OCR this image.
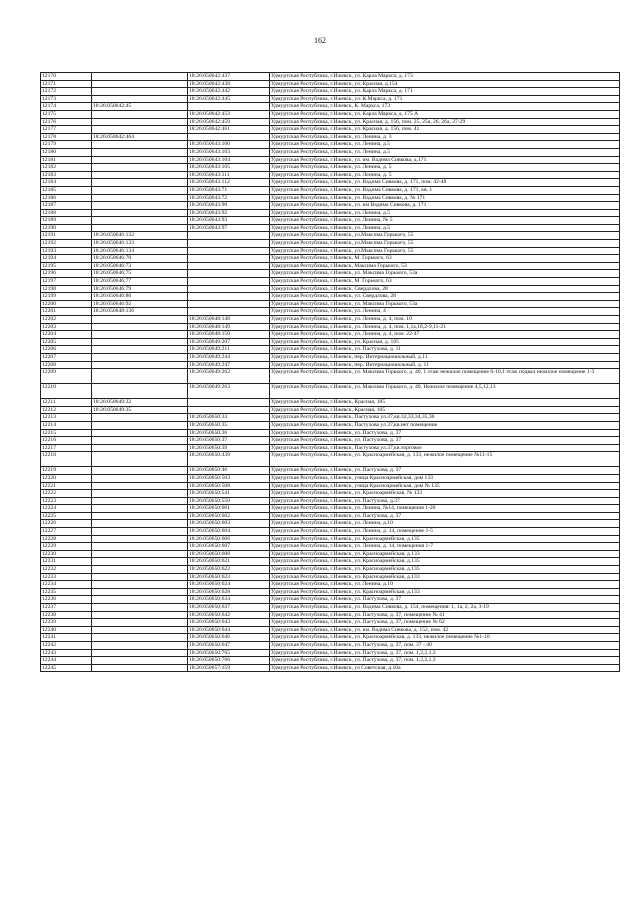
162
12170		18:26:050642:437	Удмуртская Республика, г.Ижевск, ул. Карла Маркса, д. 173
12171		18:26:050642:438	Удмуртская Республика, г.Ижевск, ул. Красная, д.154
12172		18:26:050642:442	Удмуртская Республика, г.Ижевск, ул. Карла Маркса, д. 171
12173		18:26:050642:445	Удмуртская Республика, г.Ижевск, ул. К.Маркса, д. 171
12174	18:26:050642:45		Удмуртская Республика, г.Ижевск, К. Маркса, 173
12175		18:26:050642:453	Удмуртская Республика, г.Ижевск, ул. Карла Маркса, д. 175 А
12176		18:26:050642:459	Удмуртская Республика, г.Ижевск, ул. Красная, д. 156, пом. 25, 25а, 26, 26а, 27-29
12177		18:26:050642:461	Удмуртская Республика, г.Ижевск, ул. Красная, д. 156, пом. 41
12178	18:26:050642:464		Удмуртская Республика, г.Ижевск, ул. Ленина, д. 3
12179		18:26:050643:100	Удмуртская Республика, г.Ижевск, ул. Ленина, д.5
12180		18:26:050643:103	Удмуртская Республика, г.Ижевск, ул. Ленина, д.5
12181		18:26:050643:104	Удмуртская Республика, г.Ижевск, ул. им. Вадима Сивкова, д.171
12182		18:26:050643:105	Удмуртская Республика, г.Ижевск, ул. Ленина, д. 5
12183		18:26:050643:111	Удмуртская Республика, г.Ижевск, ул. Ленина, д. 5
12184		18:26:050643:112	Удмуртская Республика, г.Ижевск, ул. Вадима Сивкова, д. 171, пом. 42-48
12185		18:26:050643:71	Удмуртская Республика, г.Ижевск, ул. Вадима Сивкова, д. 171, кв. 1
12186		18:26:050643:72	Удмуртская Республика, г.Ижевск, ул. Вадима Сивкова, д. № 171
12187		18:26:050643:90	Удмуртская Республика, г.Ижевск, ул. им Вадима Сивкова, д. 171
12188		18:26:050643:92	Удмуртская Республика, г.Ижевск, ул. Ленина, д.5
12189		18:26:050643:93	Удмуртская Республика, г.Ижевск, ул. Ленина, № 5
12190		18:26:050643:97	Удмуртская Республика, г.Ижевск, ул. Ленина, д.5
12191	18:26:050646:132		Удмуртская Республика, г.Ижевск, ул.Максима Горького, 55
12192	18:26:050646:133		Удмуртская Республика, г.Ижевск, ул.Максима Горького, 55
12193	18:26:050646:134		Удмуртская Республика, г.Ижевск, ул.Максима Горького, 55
12194	18:26:050646:70		Удмуртская Республика, г.Ижевск, М. Горького, 63
12195	18:26:050646:73		Удмуртская Республика, г.Ижевск, Максима Горького, 53
12196	18:26:050646:75		Удмуртская Республика, г.Ижевск, ул. Максима Горького, 53а
12197	18:26:050646:77		Удмуртская Республика, г.Ижевск, М. Горького, 63
12198	18:26:050646:79		Удмуртская Республика, г.Ижевск, Свердлова, 28
12199	18:26:050646:80		Удмуртская Республика, г.Ижевск, ул. Свердлова, 28
12200	18:26:050646:92		Удмуртская Республика, г.Ижевск, ул. Максима Горького, 53а
12201	18:26:050648:136		Удмуртская Республика, г.Ижевск, ул. Ленина, 4
12202		18:26:050648:148	Удмуртская Республика, г.Ижевск, ул. Ленина, д. 4, пом. 10
12203		18:26:050648:149	Удмуртская Республика, г.Ижевск, ул. Ленина, д. 4, пом. 1,1а,1б,2-9,11-21
12204		18:26:050648:150	Удмуртская Республика, г.Ижевск, ул. Ленина, д. 4, пом. 22-47
12205		18:26:050649:207	Удмуртская Республика, г.Ижевск, ул. Красная, д. 105
12206		18:26:050649:211	Удмуртская Республика, г.Ижевск, ул. Пастухова, д. 11
12207		18:26:050649:244	Удмуртская Республика, г.Ижевск, пер. Интернациональный, д.11
12208		18:26:050649:247	Удмуртская Республика, г.Ижевск, пер. Интернациональный, д. 11
12209		18:26:050649:262	Удмуртская Республика, г.Ижевск, ул. Максима Горького, д. 40, 1 этаж нежилое помещение 6-10,1 этаж подвал нежилое помещение 1-3
12210		18:26:050649:263	Удмуртская Республика, г.Ижевск, ул. Максима Горького, д. 40, Нежилое помещение 4,5,12,13
12211	18:26:050649:32		Удмуртская Республика, г.Ижевск, Красная, 105
12212	18:26:050649:35		Удмуртская Республика, г.Ижевск, Красная, 105
12213		18:26:050650:33	Удмуртская Республика, г.Ижевск, Пастухова ул.37,кв.32,33,34,35,36
12214		18:26:050650:35	Удмуртская Республика, г.Ижевск, Пастухова ул.37,кв.нет помещение
12215		18:26:050650:36	Удмуртская Республика, г.Ижевск, ул. Пастухова, д. 37
12216		18:26:050650:37	Удмуртская Республика, г.Ижевск, ул. Пастухова, д. 37
12217		18:26:050650:39	Удмуртская Республика, г.Ижевск, Пастухова ул.37,кв.торговое
12218		18:26:050650:439	Удмуртская Республика, г.Ижевск, ул. Красноармейская, д. 133, нежилое помещение №11-15
12219		18:26:050650:46	Удмуртская Республика, г.Ижевск, ул. Пастухова, д. 37
12220		18:26:050650:503	Удмуртская Республика, г.Ижевск, улица Красноармейская, дом 133
12221		18:26:050650:508	Удмуртская Республика, г.Ижевск, улица Красноармейская, дом № 135
12222		18:26:050650:541	Удмуртская Республика, г.Ижевск, ул. Красноармейская, № 133
12223		18:26:050650:550	Удмуртская Республика, г.Ижевск, ул. Пастухова, д.37
12224		18:26:050650:601	Удмуртская Республика, г.Ижевск, ул. Ленина, №14, помещения 1-20
12225		18:26:050650:602	Удмуртская Республика, г.Ижевск, ул. Пастухова, д. 37
12226		18:26:050650:603	Удмуртская Республика, г.Ижевск, ул. Ленина, д.10
12227		18:26:050650:604	Удмуртская Республика, г.Ижевск, ул. Ленина, д. 14, помещение 1-5
12228		18:26:050650:606	Удмуртская Республика, г.Ижевск, ул. Красноармейская, д.135
12229		18:26:050650:607	Удмуртская Республика, г.Ижевск, ул. Ленина, д. 14, помещения 1-7
12230		18:26:050650:608	Удмуртская Республика, г.Ижевск, ул. Красноармейская, д.133
12231		18:26:050650:621	Удмуртская Республика, г.Ижевск, ул. Красноармейская, д.135
12232		18:26:050650:622	Удмуртская Республика, г.Ижевск, ул. Красноармейская, д.135
12233		18:26:050650:623	Удмуртская Республика, г.Ижевск, ул. Красноармейская, д.133
12234		18:26:050650:624	Удмуртская Республика, г.Ижевск, ул. Ленина, д.10
12235		18:26:050650:628	Удмуртская Республика, г.Ижевск, ул. Красноармейская, д.133
12236		18:26:050650:634	Удмуртская Республика, г.Ижевск, ул. Пастухова, д. 37
12237		18:26:050650:637	Удмуртская Республика, г.Ижевск, ул. Вадима Сивкова, д. 154, помещения: 1, 1а, 2, 2а, 3-19
12238		18:26:050650:642	Удмуртская Республика, г.Ижевск, ул. Пастухова, д. 37, помещение № 41
12239		18:26:050650:643	Удмуртская Республика, г.Ижевск, ул. Пастухова, д. 37, помещение № 62
12240		18:26:050650:644	Удмуртская Республика, г.Ижевск, ул. им. Вадима Сивкова, д. 152, пом. 42
12241		18:26:050650:646	Удмуртская Республика, г.Ижевск, ул. Красноармейская, д. 133, нежилое помещение №1-10
12242		18:26:050650:647	Удмуртская Республика, г.Ижевск, ул. Пастухова, д. 37, пом. 37 - 40
12243		18:26:050650:765	Удмуртская Республика, г.Ижевск, ул. Пастухова, д. 37, пом. 1,2,2,1,3
12244		18:26:050650:766	Удмуртская Республика, г.Ижевск, ул. Пастухова, д. 37, пом. 1,2,2,1,3
12245		18:26:050657:159	Удмуртская Республика, г.Ижевск, ул Советская, д.10а
